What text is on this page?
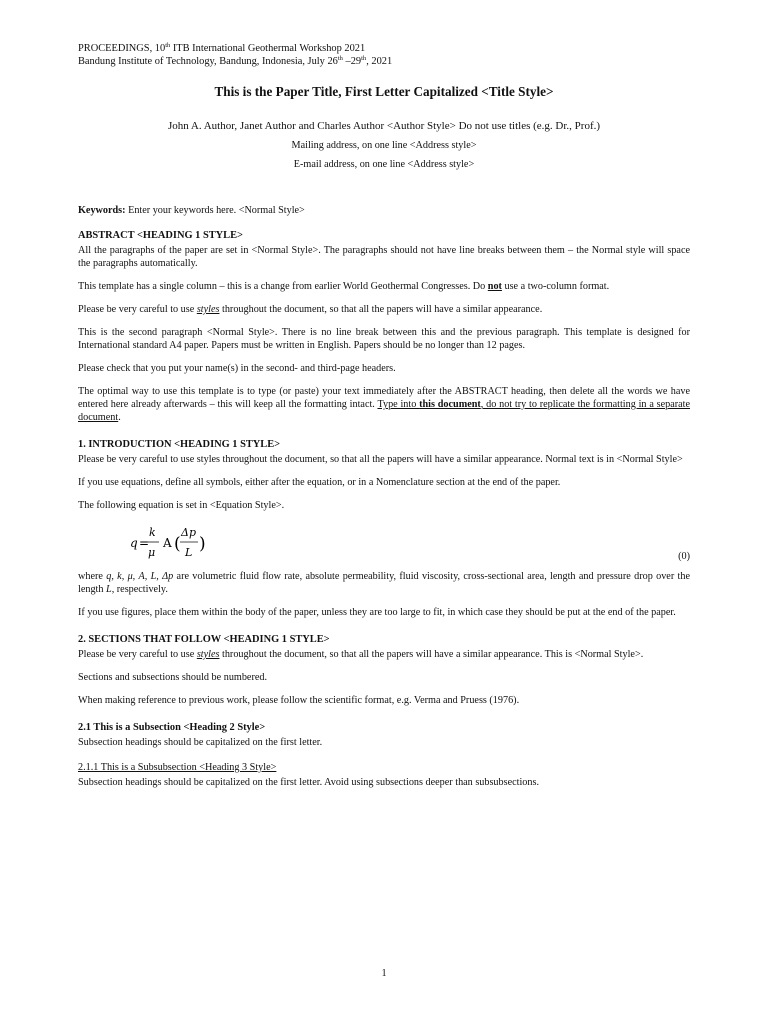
PROCEEDINGS, 10th ITB International Geothermal Workshop 2021
Bandung Institute of Technology, Bandung, Indonesia, July 26th –29th, 2021
This is the Paper Title, First Letter Capitalized <Title Style>
John A. Author, Janet Author and Charles Author <Author Style> Do not use titles (e.g. Dr., Prof.)
Mailing address, on one line <Address style>
E-mail address, on one line <Address style>

Keywords: Enter your keywords here. <Normal Style>

ABSTRACT <HEADING 1 STYLE>

All the paragraphs of the paper are set in <Normal Style>. The paragraphs should not have line breaks between them – the Normal style will space the paragraphs automatically.

This template has a single column – this is a change from earlier World Geothermal Congresses. Do not use a two-column format.

Please be very careful to use styles throughout the document, so that all the papers will have a similar appearance.

This is the second paragraph <Normal Style>. There is no line break between this and the previous paragraph. This template is designed for International standard A4 paper. Papers must be written in English. Papers should be no longer than 12 pages.

Please check that you put your name(s) in the second- and third-page headers.

The optimal way to use this template is to type (or paste) your text immediately after the ABSTRACT heading, then delete all the words we have entered here already afterwards – this will keep all the formatting intact. Type into this document, do not try to replicate the formatting in a separate document.

1. INTRODUCTION <HEADING 1 STYLE>

Please be very careful to use styles throughout the document, so that all the papers will have a similar appearance. Normal text is in <Normal Style>

If you use equations, define all symbols, either after the equation, or in a Nomenclature section at the end of the paper.

The following equation is set in <Equation Style>.

q =
k
μ
A (
Δp
L )
(0)

where q, k, μ, A, L, Δp are volumetric fluid flow rate, absolute permeability, fluid viscosity, cross-sectional area, length and pressure drop over the length L, respectively.

If you use figures, place them within the body of the paper, unless they are too large to fit, in which case they should be put at the end of the paper.

2. SECTIONS THAT FOLLOW <HEADING 1 STYLE>

Please be very careful to use styles throughout the document, so that all the papers will have a similar appearance. This is <Normal Style>.

Sections and subsections should be numbered.

When making reference to previous work, please follow the scientific format, e.g. Verma and Pruess (1976).

2.1 This is a Subsection <Heading 2 Style>

Subsection headings should be capitalized on the first letter.

2.1.1 This is a Subsubsection <Heading 3 Style>

Subsection headings should be capitalized on the first letter. Avoid using subsections deeper than subsubsections.

1
